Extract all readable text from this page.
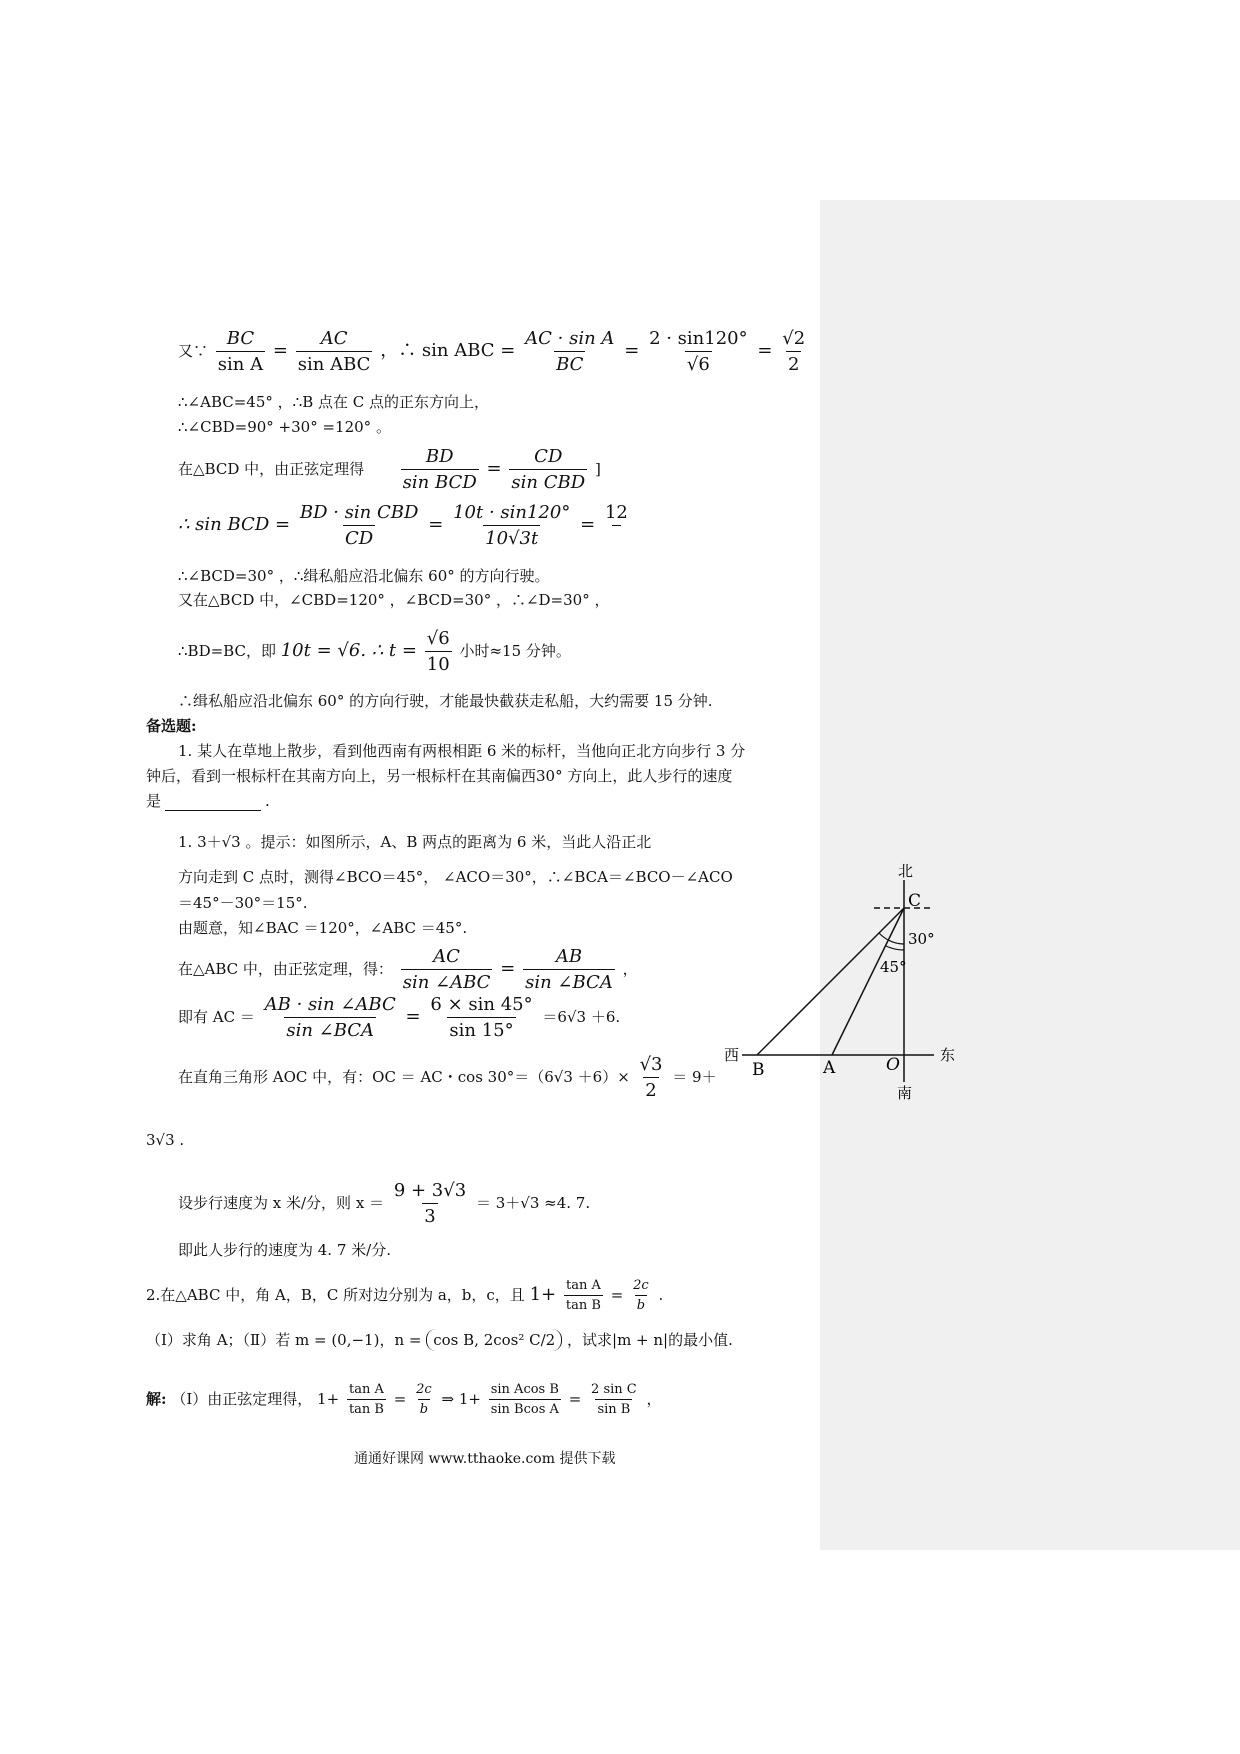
又∵ $\frac{BC}{\text{sin A}} = \frac{AC}{\text{sin ABC}}$ ，∴ sin ABC = $\frac{\text{AC · sin A}}{BC} = \frac{2 \cdot \sin 120^\circ}{√6} = \frac{√2}{2}$
∴∠ABC=45° ，∴B 点在 C 点的正东方向上，
∴∠CBD=90° +30° =120° 。
在△BCD 中，由正弦定理得 $\frac{BD}{\text{sin BCD}} = \frac{CD}{\text{sin CBD}}$ ]
∴ sin BCD = $\frac{\text{BD · sin CBD}}{CD} = \frac{10t \cdot \sin 120^\circ}{10√3t}$ =
12

∴∠BCD=30° ，∴缉私船应沿北偏东 60° 的方向行驶。
又在△BCD 中，∠CBD=120° ，∠BCD=30° ，∴∠D=30° ，
∴BD=BC，即 10t = √6. ∴ $t = \frac{√6}{10}$ 小时≈15 分钟。
∴缉私船应沿北偏东 60° 的方向行驶，才能最快截获走私船，大约需要 15 分钟.
备选题:
1. 某人在草地上散步，看到他西南有两根相距 6 米的标杆，当他向正北方向步行 3 分
钟后，看到一根标杆在其南方向上，另一根标杆在其南偏西30° 方向上，此人步行的速度
是	.
1. 3＋√3 。提示：如图所示，A、B 两点的距离为 6 米，当此人沿正北
方向走到 C 点时，测得∠BCO＝45°， ∠ACO＝30°，∴∠BCA＝∠BCO－∠ACO
＝45°－30°＝15°.
由题意，知∠BAC ＝120°，∠ABC ＝45°.
在△ABC 中，由正弦定理，得： $\frac{AC}{\text{sin ∠ABC}} = \frac{AB}{\text{sin ∠BCA}}$ ，
即有 AC ＝ $\frac{\text{AB · sin ∠ABC}}{\text{sin ∠BCA}} = \frac{6 \times \sin 45^\circ}{\sin 15^\circ} =6√3 +6$.
在直角三角形 AOC 中，有：OC ＝ AC・$\cos 30^\circ=(6√3 +6)\times \frac{√3}{2} = 9+$
3√3 .
设步行速度为 x 米/分，则 $x = \frac{9 + 3√3}{3} = 3+√3 \approx 4$. 7.
即此人步行的速度为 4. 7 米/分.
2.在△ABC 中，角 A，B，C 所对边分别为 a，b，c，且 $1+ \frac{\text{tan A}}{\text{tan B}} = \frac{2c}{b}$ .
（Ⅰ）求角 A；（Ⅱ）若 m = (0,−1)，n = cos B, 2cos² C/2 ，试求|m + n|的最小值.
解: （Ⅰ）由正弦定理得， $1+ \frac{\text{tan A}}{\text{tan B}} = \frac{2c}{b}$ ⇒ $1+ \frac{\text{sin Acos B}}{\text{sin Bcos A}} = \frac{\text{2 sin C}}{\text{sin B}}$ ，
北
南
西	东
C
B	A	O
30°
45°
通通好课网 www.tthaoke.com 提供下载
